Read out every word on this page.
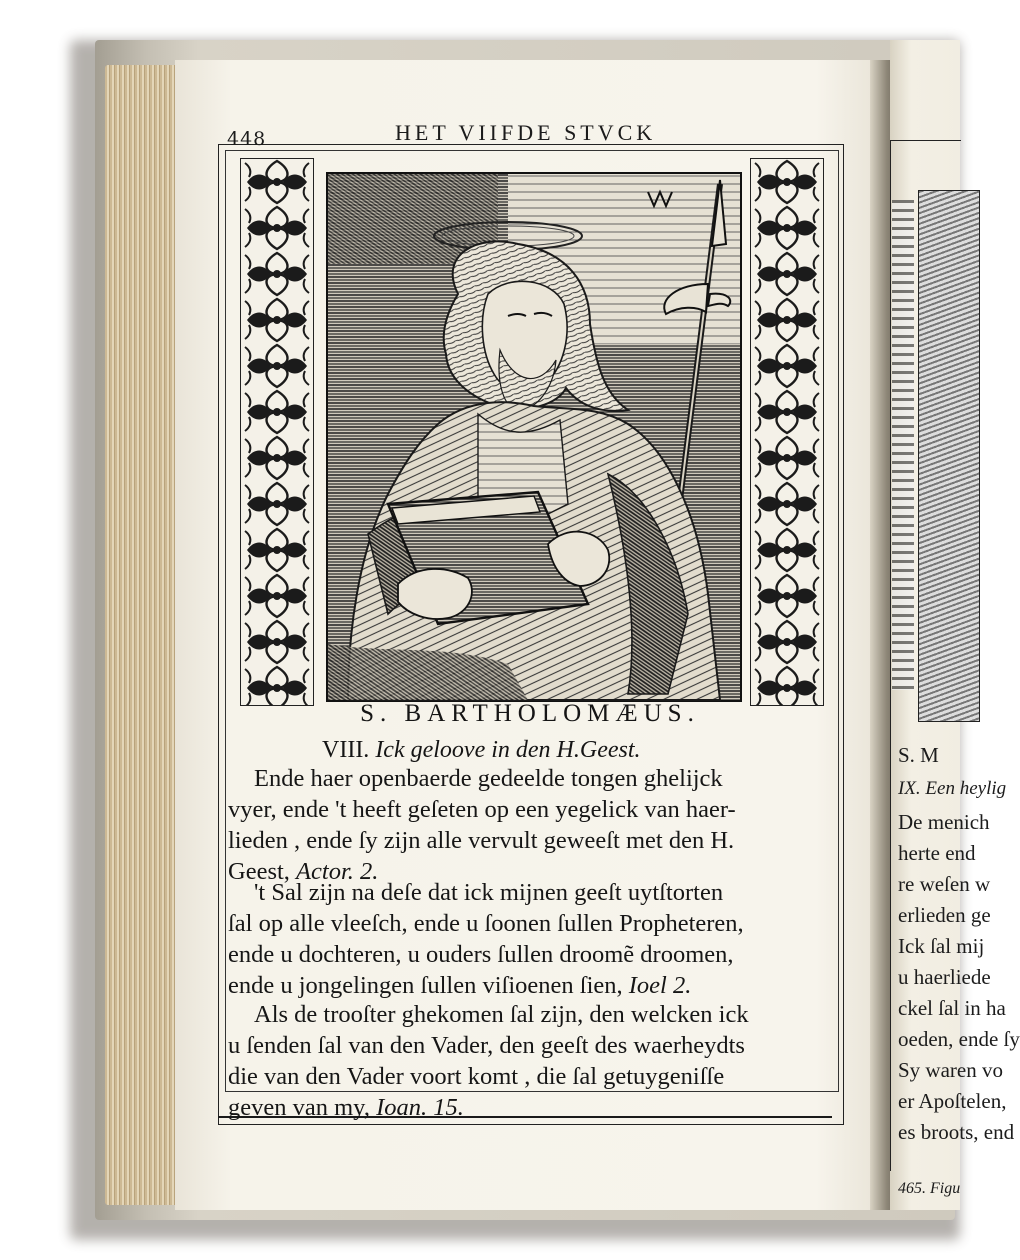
S. M
IX. Een heylig
De menich
herte end
re weſen w
erlieden ge
Ick ſal mij
u haerliede
ckel ſal in ha
oeden, ende ſy
Sy waren vo
er Apoſtelen,
es broots, end
465. Figu
448	HET VIIFDE STVCK
S. BARTHOLOMÆUS.
VIII. Ick geloove in den H.Geest.
Ende haer openbaerde gedeelde tongen ghelijck
vyer, ende 't heeft geſeten op een yegelick van haer-
lieden , ende ſy zijn alle vervult geweeſt met den H.
Geest, Actor. 2.
't Sal zijn na deſe dat ick mijnen geeſt uytſtorten
ſal op alle vleeſch, ende u ſoonen ſullen Propheteren,
ende u dochteren, u ouders ſullen droomẽ droomen,
ende u jongelingen ſullen viſioenen ſien, Ioel 2.
Als de trooſter ghekomen ſal zijn, den welcken ick
u ſenden ſal van den Vader, den geeſt des waerheydts
die van den Vader voort komt , die ſal getuygeniſſe
geven van my, Ioan. 15.
